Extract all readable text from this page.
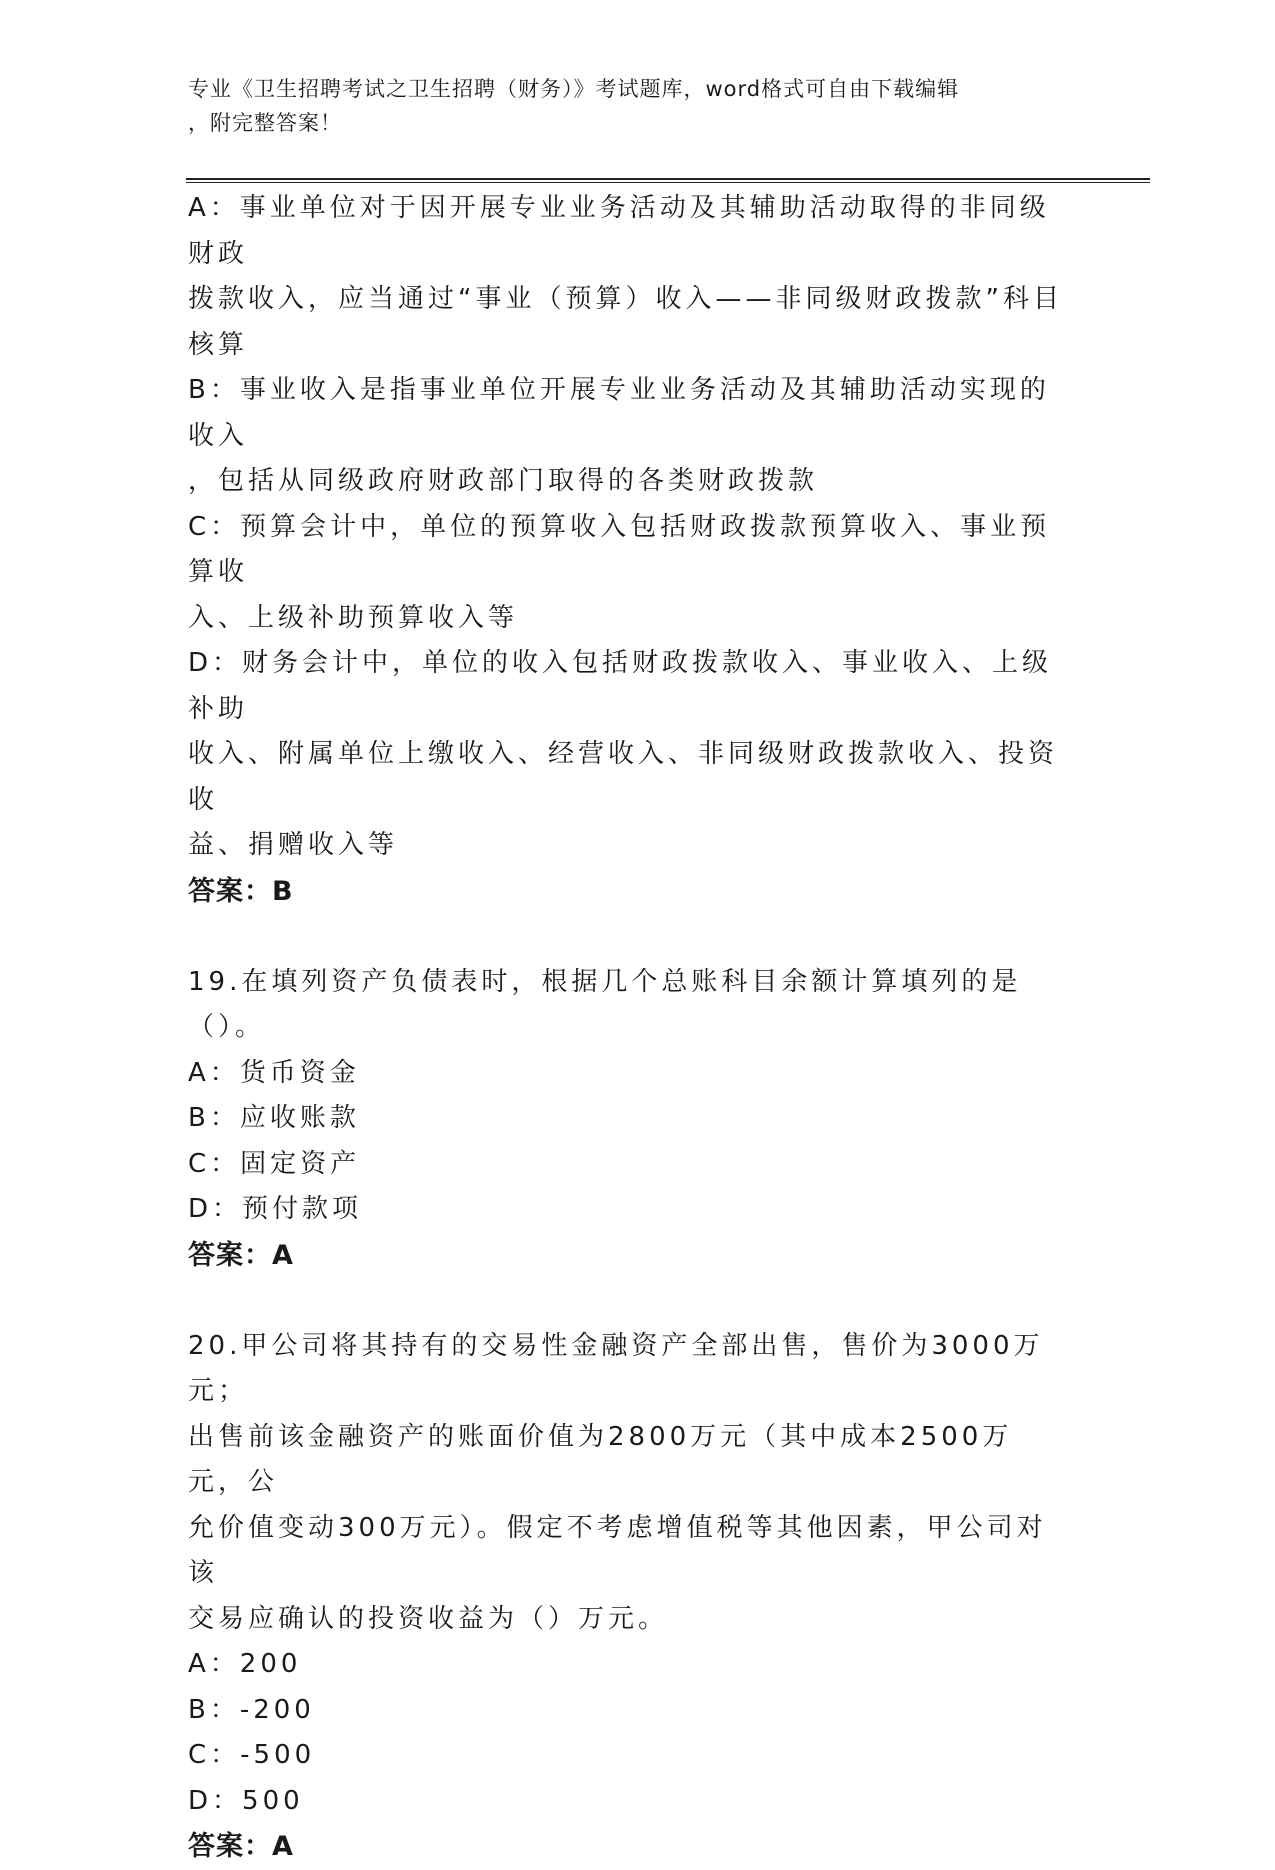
专业《卫生招聘考试之卫生招聘（财务）》考试题库，word格式可自由下载编辑
，附完整答案！
A：事业单位对于因开展专业业务活动及其辅助活动取得的非同级财政
拨款收入，应当通过“事业（预算）收入——非同级财政拨款”科目
核算
B：事业收入是指事业单位开展专业业务活动及其辅助活动实现的收入
，包括从同级政府财政部门取得的各类财政拨款
C：预算会计中，单位的预算收入包括财政拨款预算收入、事业预算收
入、上级补助预算收入等
D：财务会计中，单位的收入包括财政拨款收入、事业收入、上级补助
收入、附属单位上缴收入、经营收入、非同级财政拨款收入、投资收
益、捐赠收入等
答案：B
19.在填列资产负债表时，根据几个总账科目余额计算填列的是（）。
A：货币资金
B：应收账款
C：固定资产
D：预付款项
答案：A
20.甲公司将其持有的交易性金融资产全部出售，售价为3000万元；
出售前该金融资产的账面价值为2800万元（其中成本2500万元，公
允价值变动300万元）。假定不考虑增值税等其他因素，甲公司对该
交易应确认的投资收益为（）万元。
A：200
B：-200
C：-500
D：500
答案：A
